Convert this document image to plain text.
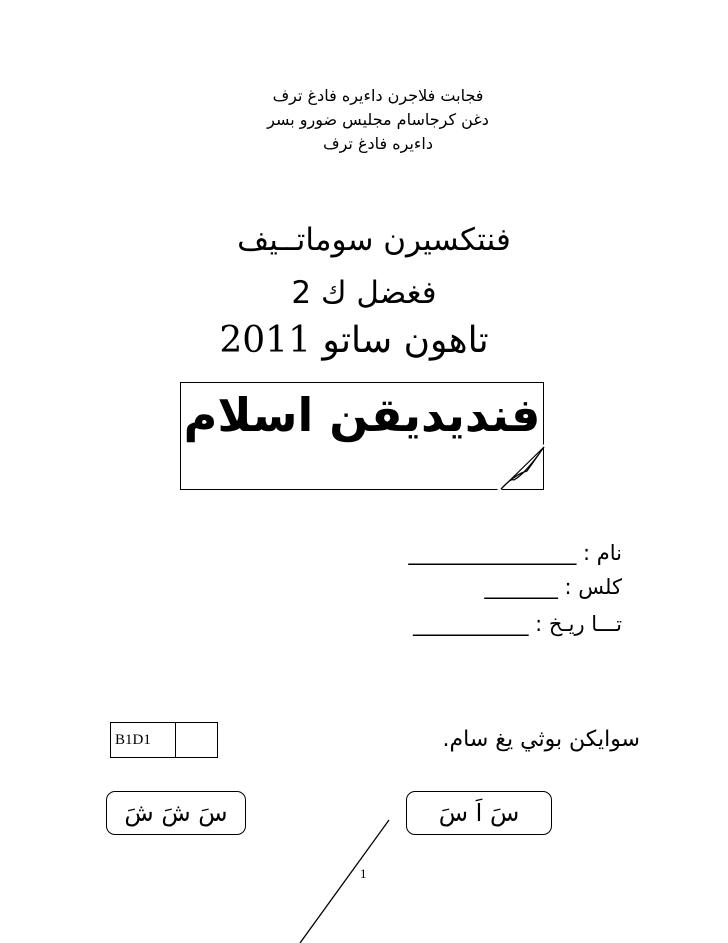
فجابت فلاجرن داءيره فادغ ترف
دغن كرجاسام مجليس ضورو بسر
داءيره فادغ ترف
فنتكسيرن سوماتــيف
فغضل ك 2
تاهون ساتو 2011
فنديديقن اسلام
نام : ________________
كلس : _______
تـــا ريـخ : ___________
B1D1	سوايكن بوثي يغ سام.
سَ شَ شَ	سَ اَ سَ
1
